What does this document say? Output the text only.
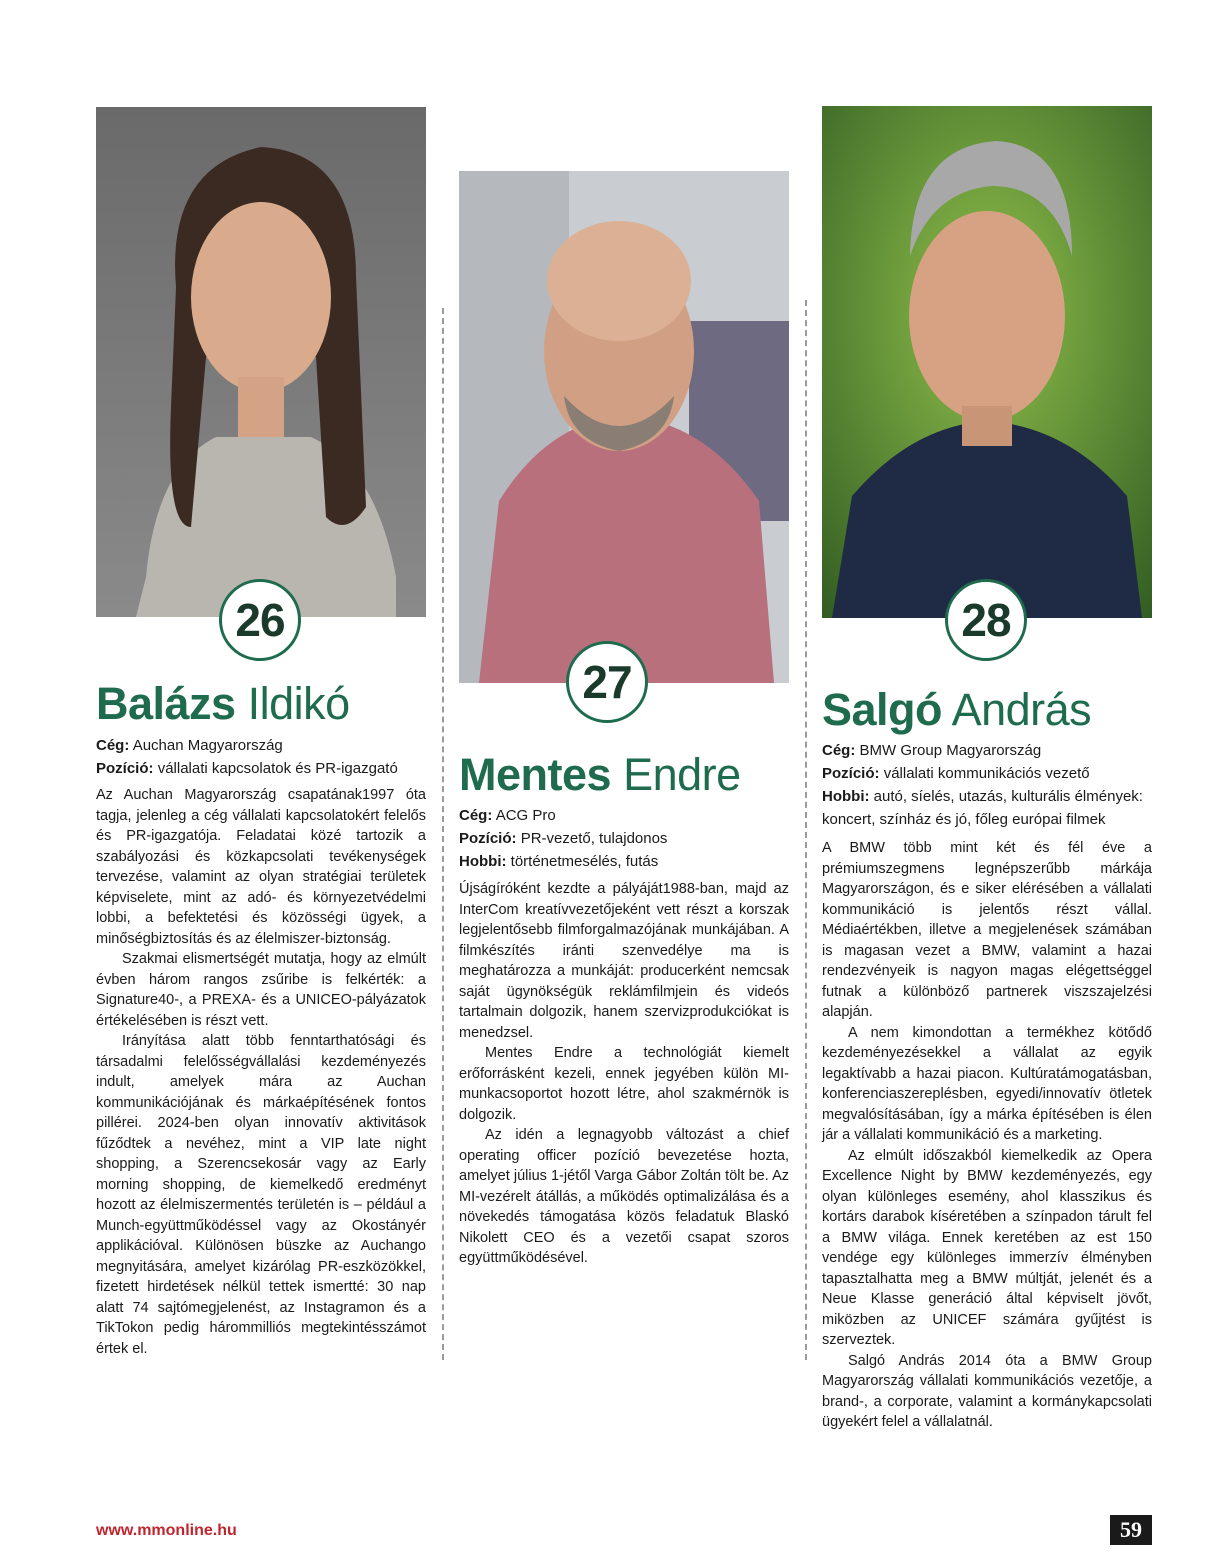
26
Balázs Ildikó
Cég: Auchan Magyarország
Pozíció: vállalati kapcsolatok és PR-igazgató

Az Auchan Magyarország csapatának1997 óta tagja, jelenleg a cég vállalati kapcsolatokért felelős és PR-igazgatója. Feladatai közé tartozik a szabályozási és közkapcsolati tevékenységek tervezése, valamint az olyan stratégiai területek képviselete, mint az adó- és környezetvédelmi lobbi, a befektetési és közösségi ügyek, a minőségbiztosítás és az élelmiszer-biztonság.

Szakmai elismertségét mutatja, hogy az elmúlt évben három rangos zsűribe is felkérték: a Signature40-, a PREXA- és a UNICEO-pályázatok értékelésében is részt vett.

Irányítása alatt több fenntarthatósági és társadalmi felelősségvállalási kezdeményezés indult, amelyek mára az Auchan kommunikációjának és márkaépítésének fontos pillérei. 2024-ben olyan innovatív aktivitások fűződtek a nevéhez, mint a VIP late night shopping, a Szerencsekosár vagy az Early morning shopping, de kiemelkedő eredményt hozott az élelmiszermentés területén is – például a Munch-együttműködéssel vagy az Okostányér applikációval. Különösen büszke az Auchango megnyitására, amelyet kizárólag PR-eszközökkel, fizetett hirdetések nélkül tettek ismertté: 30 nap alatt 74 sajtómegjelenést, az Instagramon és a TikTokon pedig hárommilliós megtekintésszámot értek el.

27
Mentes Endre
Cég: ACG Pro
Pozíció: PR-vezető, tulajdonos
Hobbi: történetmesélés, futás

Újságíróként kezdte a pályáját1988-ban, majd az InterCom kreatívvezetőjeként vett részt a korszak legjelentősebb filmforgalmazójának munkájában. A filmkészítés iránti szenvedélye ma is meghatározza a munkáját: producerként nemcsak saját ügynökségük reklámfilmjein és videós tartalmain dolgozik, hanem szervizprodukciókat is menedzsel.

Mentes Endre a technológiát kiemelt erőforrásként kezeli, ennek jegyében külön MI-munkacsoportot hozott létre, ahol szakmérnök is dolgozik.

Az idén a legnagyobb változást a chief operating officer pozíció bevezetése hozta, amelyet július 1-jétől Varga Gábor Zoltán tölt be. Az MI-vezérelt átállás, a működés optimalizálása és a növekedés támogatása közös feladatuk Blaskó Nikolett CEO és a vezetői csapat szoros együttműködésével.

28
Salgó András
Cég: BMW Group Magyarország
Pozíció: vállalati kommunikációs vezető
Hobbi: autó, síelés, utazás, kulturális élmények: koncert, színház és jó, főleg európai filmek

A BMW több mint két és fél éve a prémiumszegmens legnépszerűbb márkája Magyarországon, és e siker elérésében a vállalati kommunikáció is jelentős részt vállal. Médiaértékben, illetve a megjelenések számában is magasan vezet a BMW, valamint a hazai rendezvényeik is nagyon magas elégettséggel futnak a különböző partnerek viszszajelzési alapján.

A nem kimondottan a termékhez kötődő kezdeményezésekkel a vállalat az egyik legaktívabb a hazai piacon. Kultúratámogatásban, konferenciaszereplésben, egyedi/innovatív ötletek megvalósításában, így a márka építésében is élen jár a vállalati kommunikáció és a marketing.

Az elmúlt időszakból kiemelkedik az Opera Excellence Night by BMW kezdeményezés, egy olyan különleges esemény, ahol klasszikus és kortárs darabok kíséretében a színpadon tárult fel a BMW világa. Ennek keretében az est 150 vendége egy különleges immerzív élményben tapasztalhatta meg a BMW múltját, jelenét és a Neue Klasse generáció által képviselt jövőt, miközben az UNICEF számára gyűjtést is szerveztek.

Salgó András 2014 óta a BMW Group Magyarország vállalati kommunikációs vezetője, a brand-, a corporate, valamint a kormánykapcsolati ügyekért felel a vállalatnál.

www.mmonline.hu	59
